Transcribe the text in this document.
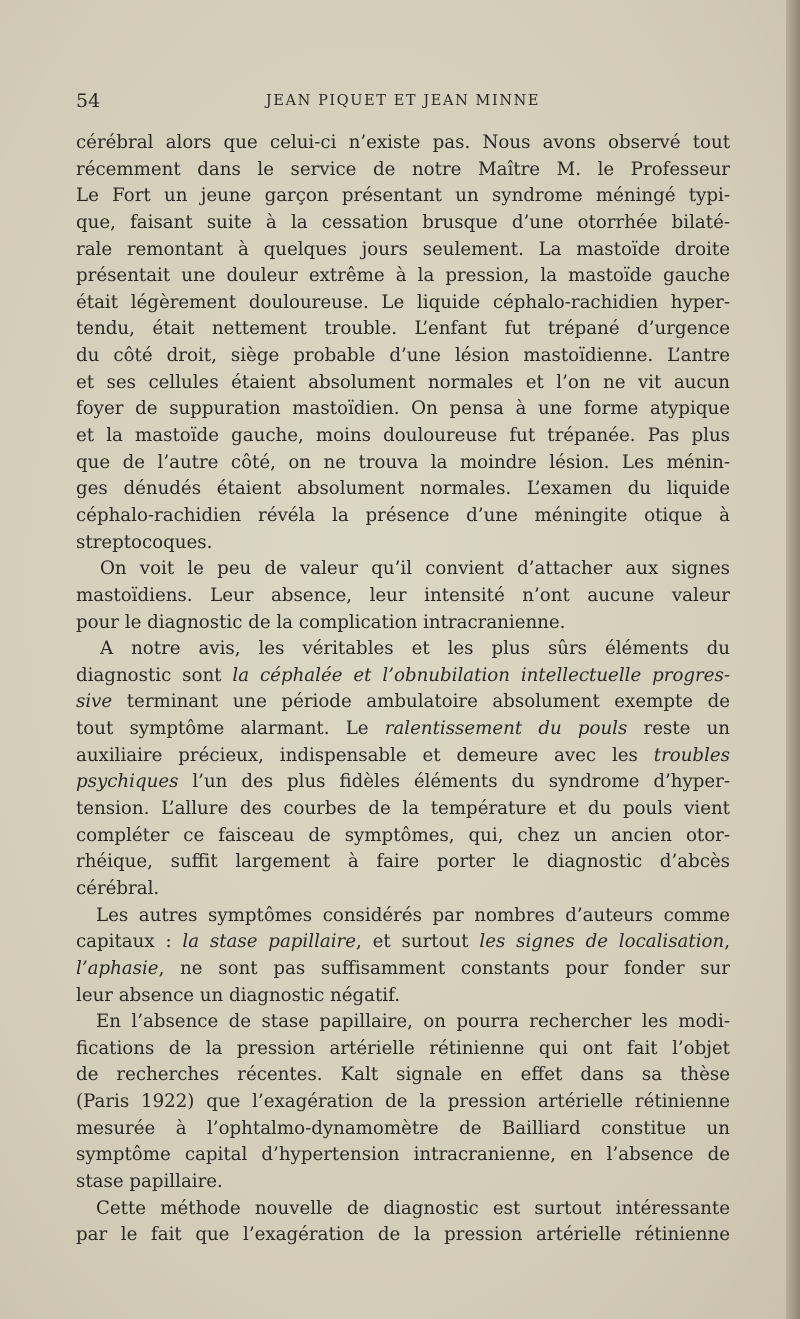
54	JEAN PIQUET ET JEAN MINNE
cérébral alors que celui-ci n’existe pas. Nous avons observé tout
récemment dans le service de notre Maître M. le Professeur
Le Fort un jeune garçon présentant un syndrome méningé typi-
que, faisant suite à la cessation brusque d’une otorrhée bilaté-
rale remontant à quelques jours seulement. La mastoïde droite
présentait une douleur extrême à la pression, la mastoïde gauche
était légèrement douloureuse. Le liquide céphalo-rachidien hyper-
tendu, était nettement trouble. L’enfant fut trépané d’urgence
du côté droit, siège probable d’une lésion mastoïdienne. L’antre
et ses cellules étaient absolument normales et l’on ne vit aucun
foyer de suppuration mastoïdien. On pensa à une forme atypique
et la mastoïde gauche, moins douloureuse fut trépanée. Pas plus
que de l’autre côté, on ne trouva la moindre lésion. Les ménin-
ges dénudés étaient absolument normales. L’examen du liquide
céphalo-rachidien révéla la présence d’une méningite otique à
streptocoques.
On voit le peu de valeur qu’il convient d’attacher aux signes
mastoïdiens. Leur absence, leur intensité n’ont aucune valeur
pour le diagnostic de la complication intracranienne.
A notre avis, les véritables et les plus sûrs éléments du
diagnostic sont la céphalée et l’obnubilation intellectuelle progres-
sive terminant une période ambulatoire absolument exempte de
tout symptôme alarmant. Le ralentissement du pouls reste un
auxiliaire précieux, indispensable et demeure avec les troubles
psychiques l’un des plus fidèles éléments du syndrome d’hyper-
tension. L’allure des courbes de la température et du pouls vient
compléter ce faisceau de symptômes, qui, chez un ancien otor-
rhéique, suffit largement à faire porter le diagnostic d’abcès
cérébral.
Les autres symptômes considérés par nombres d’auteurs comme
capitaux : la stase papillaire, et surtout les signes de localisation,
l’aphasie, ne sont pas suffisamment constants pour fonder sur
leur absence un diagnostic négatif.
En l’absence de stase papillaire, on pourra rechercher les modi-
fications de la pression artérielle rétinienne qui ont fait l’objet
de recherches récentes. Kalt signale en effet dans sa thèse
(Paris 1922) que l’exagération de la pression artérielle rétinienne
mesurée à l’ophtalmo-dynamomètre de Bailliard constitue un
symptôme capital d’hypertension intracranienne, en l’absence de
stase papillaire.
Cette méthode nouvelle de diagnostic est surtout intéressante
par le fait que l’exagération de la pression artérielle rétinienne
